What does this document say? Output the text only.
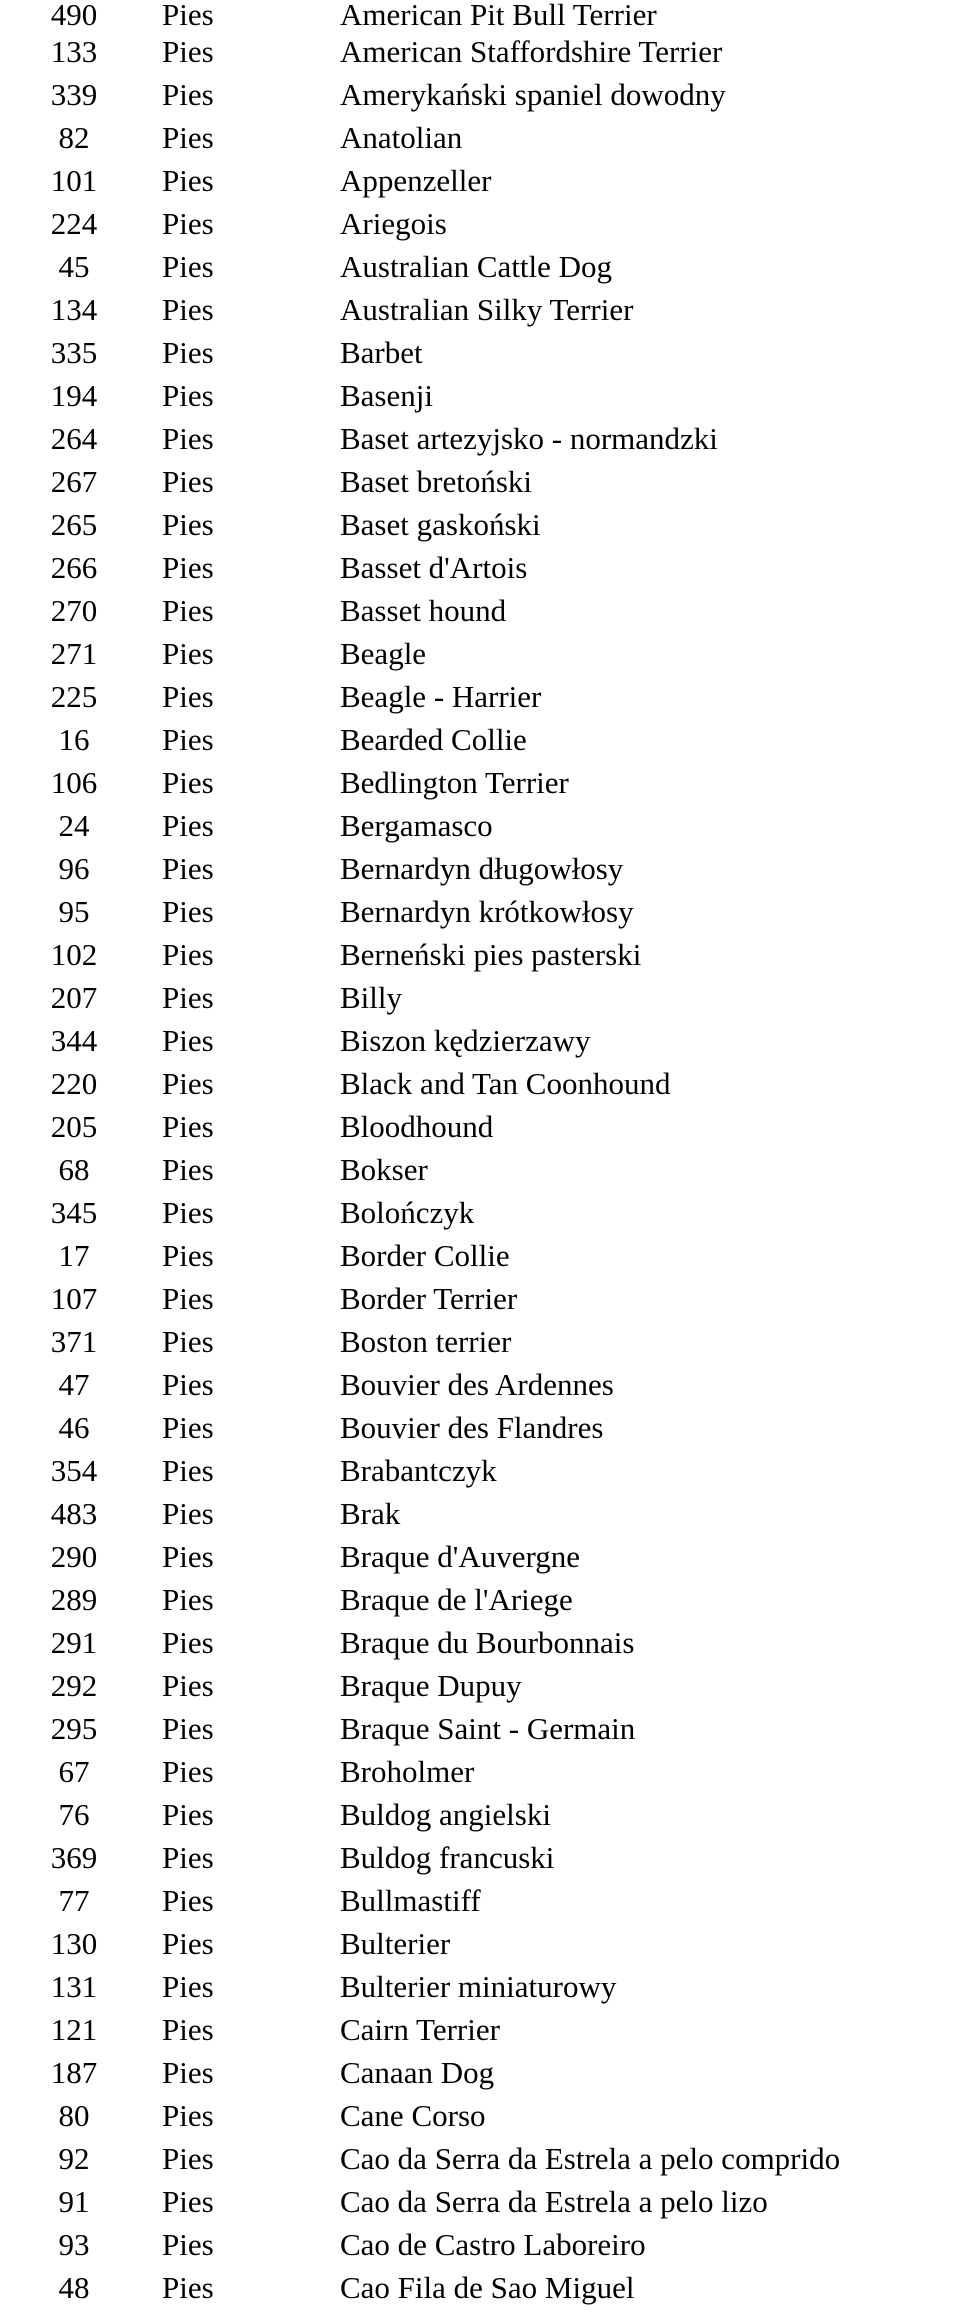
490	Pies	American Pit Bull Terrier
133	Pies	American Staffordshire Terrier
339	Pies	Amerykański spaniel dowodny
82	Pies	Anatolian
101	Pies	Appenzeller
224	Pies	Ariegois
45	Pies	Australian Cattle Dog
134	Pies	Australian Silky Terrier
335	Pies	Barbet
194	Pies	Basenji
264	Pies	Baset artezyjsko - normandzki
267	Pies	Baset bretoński
265	Pies	Baset gaskoński
266	Pies	Basset d'Artois
270	Pies	Basset hound
271	Pies	Beagle
225	Pies	Beagle - Harrier
16	Pies	Bearded Collie
106	Pies	Bedlington Terrier
24	Pies	Bergamasco
96	Pies	Bernardyn długowłosy
95	Pies	Bernardyn krótkowłosy
102	Pies	Berneński pies pasterski
207	Pies	Billy
344	Pies	Biszon kędzierzawy
220	Pies	Black and Tan Coonhound
205	Pies	Bloodhound
68	Pies	Bokser
345	Pies	Bolończyk
17	Pies	Border Collie
107	Pies	Border Terrier
371	Pies	Boston terrier
47	Pies	Bouvier des Ardennes
46	Pies	Bouvier des Flandres
354	Pies	Brabantczyk
483	Pies	Brak
290	Pies	Braque d'Auvergne
289	Pies	Braque de l'Ariege
291	Pies	Braque du Bourbonnais
292	Pies	Braque Dupuy
295	Pies	Braque Saint - Germain
67	Pies	Broholmer
76	Pies	Buldog angielski
369	Pies	Buldog francuski
77	Pies	Bullmastiff
130	Pies	Bulterier
131	Pies	Bulterier miniaturowy
121	Pies	Cairn Terrier
187	Pies	Canaan Dog
80	Pies	Cane Corso
92	Pies	Cao da Serra da Estrela a pelo comprido
91	Pies	Cao da Serra da Estrela a pelo lizo
93	Pies	Cao de Castro Laboreiro
48	Pies	Cao Fila de Sao Miguel
